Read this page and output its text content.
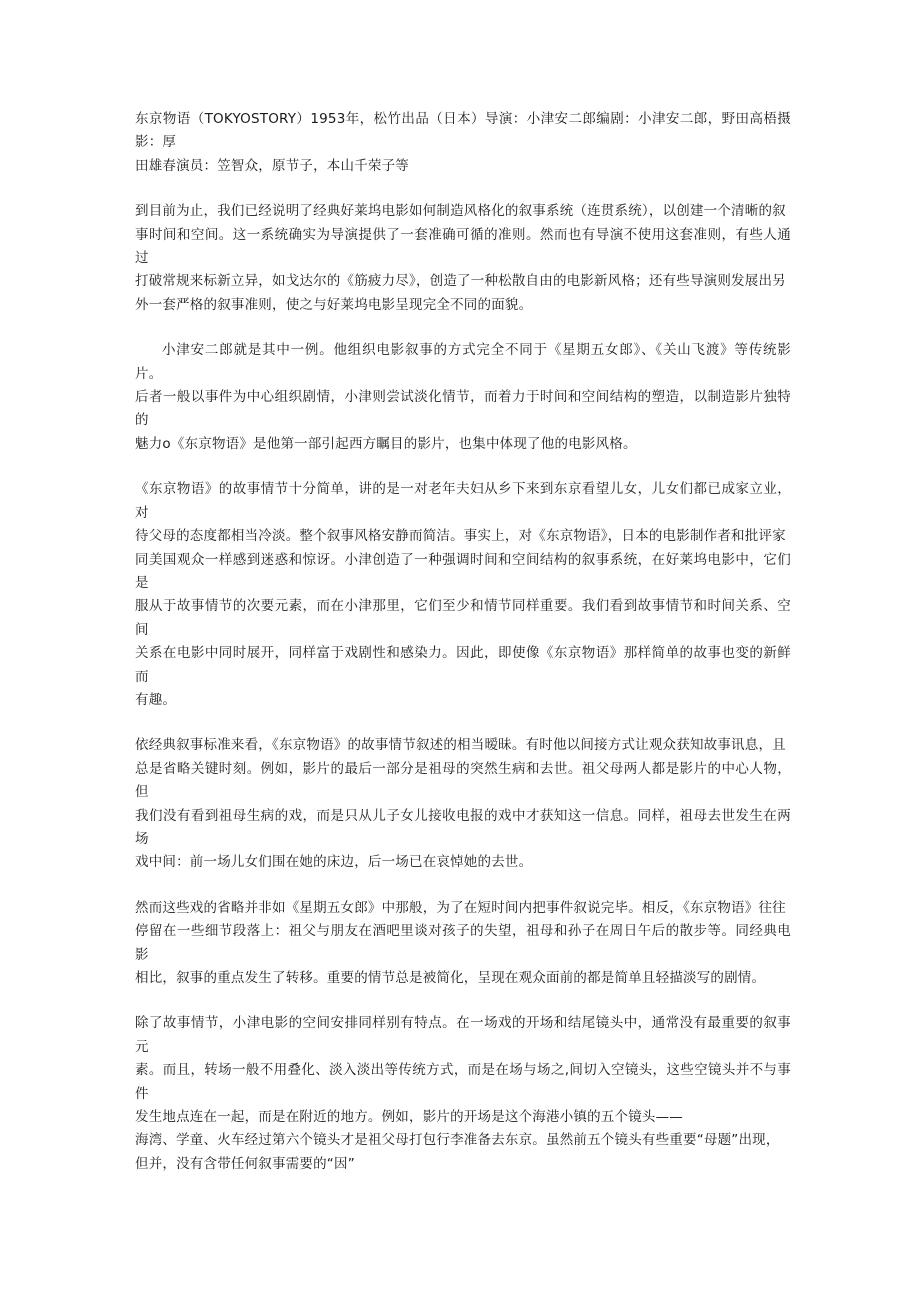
东京物语（TOKYOSTORY）1953年，松竹出品（日本）导演：小津安二郎编剧：小津安二郎，野田高梧摄影：厚
田雄春演员：笠智众，原节子，本山千荣子等

到目前为止，我们已经说明了经典好莱坞电影如何制造风格化的叙事系统（连贯系统），以创建一个清晰的叙
事时间和空间。这一系统确实为导演提供了一套准确可循的准则。然而也有导演不使用这套准则，有些人通过
打破常规来标新立异，如戈达尔的《筋疲力尽》，创造了一种松散自由的电影新风格；还有些导演则发展出另
外一套严格的叙事准则，使之与好莱坞电影呈现完全不同的面貌。

小津安二郎就是其中一例。他组织电影叙事的方式完全不同于《星期五女郎》、《关山飞渡》等传统影片。
后者一般以事件为中心组织剧情，小津则尝试淡化情节，而着力于时间和空间结构的塑造，以制造影片独特的
魅力o《东京物语》是他第一部引起西方瞩目的影片，也集中体现了他的电影风格。

《东京物语》的故事情节十分简单，讲的是一对老年夫妇从乡下来到东京看望儿女，儿女们都已成家立业，对
待父母的态度都相当冷淡。整个叙事风格安静而简洁。事实上，对《东京物语》，日本的电影制作者和批评家
同美国观众一样感到迷惑和惊讶。小津创造了一种强调时间和空间结构的叙事系统，在好莱坞电影中，它们是
服从于故事情节的次要元素，而在小津那里，它们至少和情节同样重要。我们看到故事情节和时间关系、空间
关系在电影中同时展开，同样富于戏剧性和感染力。因此，即使像《东京物语》那样简单的故事也变的新鲜而
有趣。

依经典叙事标准来看，《东京物语》的故事情节叙述的相当暧昧。有时他以间接方式让观众获知故事讯息，且
总是省略关键时刻。例如，影片的最后一部分是祖母的突然生病和去世。祖父母两人都是影片的中心人物，但
我们没有看到祖母生病的戏，而是只从儿子女儿接收电报的戏中才获知这一信息。同样，祖母去世发生在两场
戏中间：前一场儿女们围在她的床边，后一场已在哀悼她的去世。

然而这些戏的省略并非如《星期五女郎》中那般，为了在短时间内把事件叙说完毕。相反，《东京物语》往往
停留在一些细节段落上：祖父与朋友在酒吧里谈对孩子的失望，祖母和孙子在周日午后的散步等。同经典电影
相比，叙事的重点发生了转移。重要的情节总是被简化，呈现在观众面前的都是简单且轻描淡写的剧情。

除了故事情节，小津电影的空间安排同样别有特点。在一场戏的开场和结尾镜头中，通常没有最重要的叙事元
素。而且，转场一般不用叠化、淡入淡出等传统方式，而是在场与场之,间切入空镜头，这些空镜头并不与事件
发生地点连在一起，而是在附近的地方。例如，影片的开场是这个海港小镇的五个镜头——
海湾、学童、火车经过第六个镜头才是祖父母打包行李准备去东京。虽然前五个镜头有些重要“母题”出现，
但并，没有含带任何叙事需要的“因”
